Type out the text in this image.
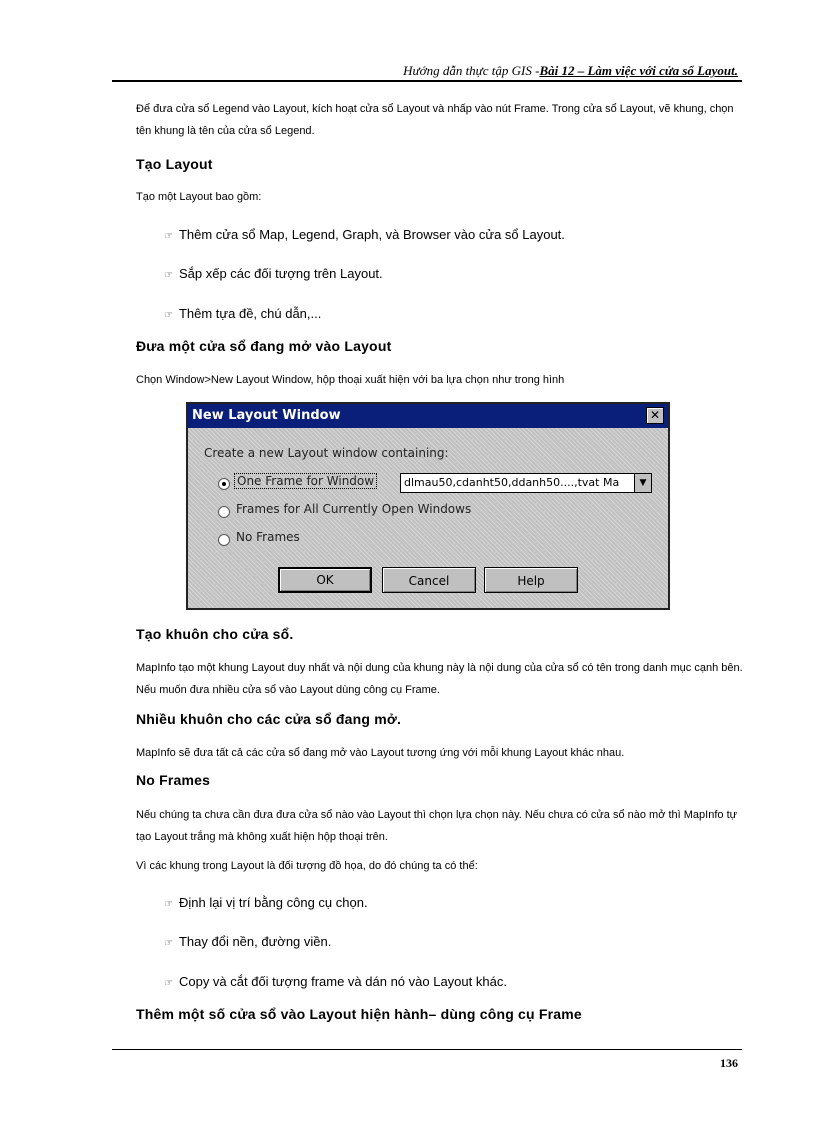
Hướng dẫn thực tập GIS -Bài 12 – Làm việc với cửa sổ Layout.
Để đưa cửa sổ Legend vào Layout, kích hoạt cửa sổ Layout và nhấp vào nút Frame. Trong cửa sổ Layout, vẽ khung, chọn tên khung là tên của cửa sổ Legend.
Tạo Layout
Tạo một Layout bao gồm:
☞ Thêm cửa sổ Map, Legend, Graph, và Browser vào cửa sổ Layout.
☞ Sắp xếp các đối tượng trên Layout.
☞ Thêm tựa đề, chú dẫn,...
Đưa một cửa sổ đang mở vào Layout
Chọn Window>New Layout Window, hộp thoại xuất hiện với ba lựa chọn như trong hình
New Layout Window	✕
Create a new Layout window containing:
One Frame for Window	dlmau50,cdanht50,ddanh50....,tvat Ma	▼
Frames for All Currently Open Windows
No Frames
OK	Cancel	Help
Tạo khuôn cho cửa sổ.
MapInfo tạo một khung Layout duy nhất và nội dung của khung này là nội dung của cửa sổ có tên trong danh mục cạnh bên. Nếu muốn đưa nhiều cửa sổ vào Layout dùng công cụ Frame.
Nhiều khuôn cho các cửa sổ đang mở.
MapInfo sẽ đưa tất cả các cửa sổ đang mở vào Layout tương ứng với mỗi khung Layout khác nhau.
No Frames
Nếu chúng ta chưa cần đưa đưa cửa sổ nào vào Layout thì chọn lựa chọn này. Nếu chưa có cửa sổ nào mở thì MapInfo tự tạo Layout trắng mà không xuất hiện hộp thoại trên.
Vì các khung trong Layout là đối tượng đồ họa, do đó chúng ta có thể:
☞ Định lại vị trí bằng công cụ chọn.
☞ Thay đổi nền, đường viền.
☞ Copy và cắt đối tượng frame và dán nó vào Layout khác.
Thêm một số cửa sổ vào Layout hiện hành– dùng công cụ Frame
136
